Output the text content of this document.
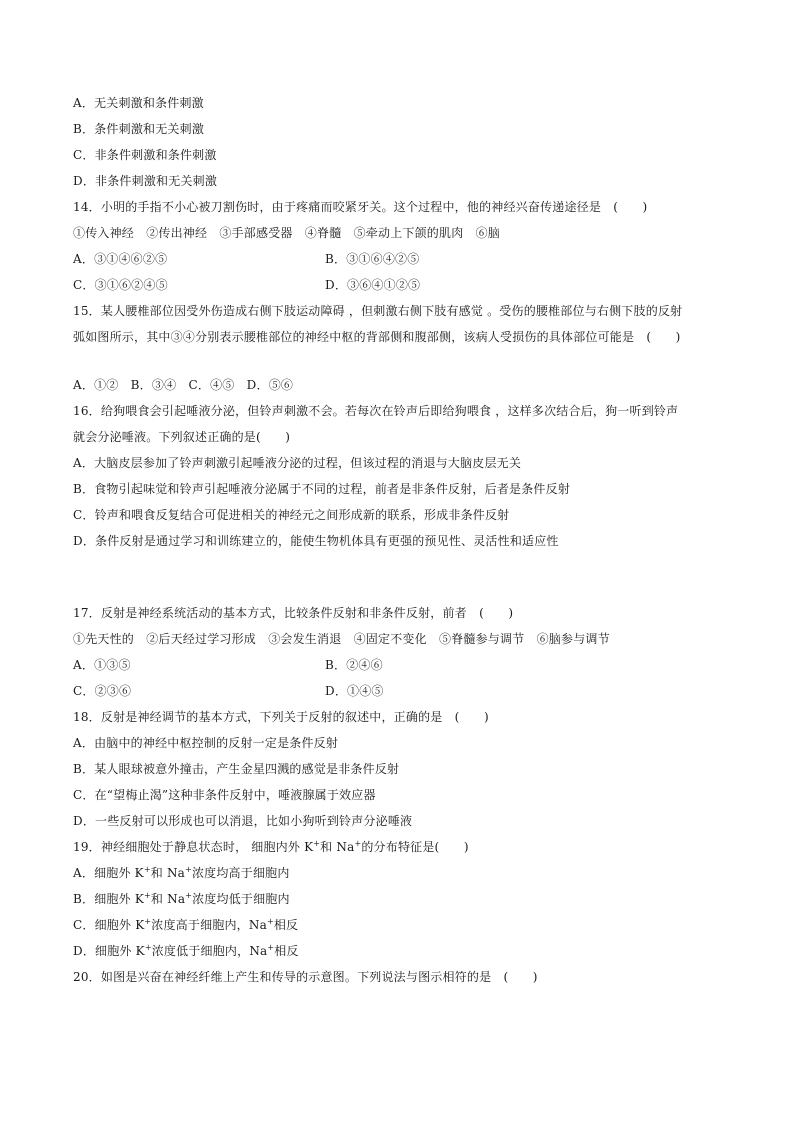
A．无关刺激和条件刺激
B．条件刺激和无关刺激
C．非条件刺激和条件刺激
D．非条件刺激和无关刺激
14．小明的手指不小心被刀割伤时，由于疼痛而咬紧牙关。这个过程中，他的神经兴奋传递途径是　(　　)
①传入神经　②传出神经　③手部感受器　④脊髓　⑤牵动上下颌的肌肉　⑥脑
A．③①④⑥②⑤	B．③①⑥④②⑤
C．③①⑥②④⑤	D．③⑥④①②⑤
15．某人腰椎部位因受外伤造成右侧下肢运动障碍 ，但刺激右侧下肢有感觉 。受伤的腰椎部位与右侧下肢的反射
弧如图所示，其中③④分别表示腰椎部位的神经中枢的背部侧和腹部侧，该病人受损伤的具体部位可能是　(　　)
A．①②　B．③④　C．④⑤　D．⑤⑥
16．给狗喂食会引起唾液分泌，但铃声刺激不会。若每次在铃声后即给狗喂食 ，这样多次结合后，狗一听到铃声
就会分泌唾液。下列叙述正确的是(　　)
A．大脑皮层参加了铃声刺激引起唾液分泌的过程，但该过程的消退与大脑皮层无关
B．食物引起味觉和铃声引起唾液分泌属于不同的过程，前者是非条件反射，后者是条件反射
C．铃声和喂食反复结合可促进相关的神经元之间形成新的联系，形成非条件反射
D．条件反射是通过学习和训练建立的，能使生物机体具有更强的预见性、灵活性和适应性
17．反射是神经系统活动的基本方式，比较条件反射和非条件反射，前者　(　　)
①先天性的　②后天经过学习形成　③会发生消退　④固定不变化　⑤脊髓参与调节　⑥脑参与调节
A．①③⑤	B．②④⑥
C．②③⑥	D．①④⑤
18．反射是神经调节的基本方式，下列关于反射的叙述中，正确的是　(　　)
A．由脑中的神经中枢控制的反射一定是条件反射
B．某人眼球被意外撞击，产生金星四溅的感觉是非条件反射
C．在“望梅止渴”这种非条件反射中，唾液腺属于效应器
D．一些反射可以形成也可以消退，比如小狗听到铃声分泌唾液
19．神经细胞处于静息状态时， 细胞内外 K+和 Na+的分布特征是(　　)
A．细胞外 K+和 Na+浓度均高于细胞内
B．细胞外 K+和 Na+浓度均低于细胞内
C．细胞外 K+浓度高于细胞内，Na+相反
D．细胞外 K+浓度低于细胞内，Na+相反
20．如图是兴奋在神经纤维上产生和传导的示意图。下列说法与图示相符的是　(　　)
